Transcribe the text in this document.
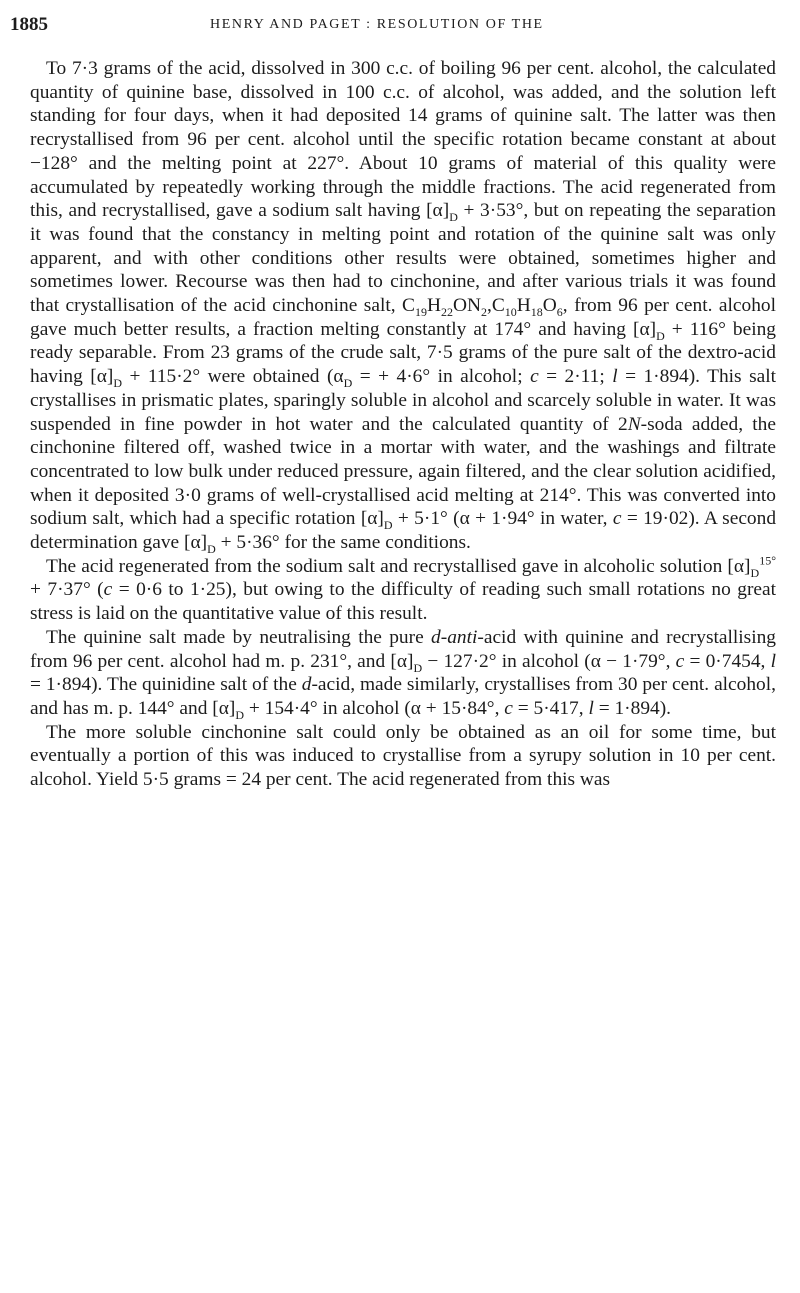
1885	HENRY AND PAGET : RESOLUTION OF THE

To 7·3 grams of the acid, dissolved in 300 c.c. of boiling 96 per cent. alcohol, the calculated quantity of quinine base, dissolved in 100 c.c. of alcohol, was added, and the solution left standing for four days, when it had deposited 14 grams of quinine salt. The latter was then recrystallised from 96 per cent. alcohol until the specific rotation became constant at about −128° and the melting point at 227°. About 10 grams of material of this quality were accumulated by repeatedly working through the middle fractions. The acid regenerated from this, and recrystallised, gave a sodium salt having $[\alpha]_D + 3\cdot 53^\circ$, but on repeating the separation it was found that the constancy in melting point and rotation of the quinine salt was only apparent, and with other conditions other results were obtained, sometimes higher and sometimes lower. Recourse was then had to cinchonine, and after various trials it was found that crystallisation of the acid cinchonine salt, $C_{19}H_{22}ON_2,C_{10}H_{18}O_6$, from 96 per cent. alcohol gave much better results, a fraction melting constantly at 174° and having $[\alpha]_D + 116^\circ$ being ready separable. From 23 grams of the crude salt, 7·5 grams of the pure salt of the dextro-acid having $[\alpha]_D + 115\cdot 2^\circ$ were obtained ($\alpha_D$ = + 4·6° in alcohol; c = 2·11; l = 1·894). This salt crystallises in prismatic plates, sparingly soluble in alcohol and scarcely soluble in water. It was suspended in fine powder in hot water and the calculated quantity of 2N-soda added, the cinchonine filtered off, washed twice in a mortar with water, and the washings and filtrate concentrated to low bulk under reduced pressure, again filtered, and the clear solution acidified, when it deposited 3·0 grams of well-crystallised acid melting at 214°. This was converted into sodium salt, which had a specific rotation $[\alpha]_D + 5\cdot 1^\circ$ (α + 1·94° in water, c = 19·02). A second determination gave $[\alpha]_D + 5\cdot 36^\circ$ for the same conditions.

The acid regenerated from the sodium salt and recrystallised gave in alcoholic solution $[\alpha]_D^{15^\circ} + 7\cdot 37^\circ$ (c = 0·6 to 1·25), but owing to the difficulty of reading such small rotations no great stress is laid on the quantitative value of this result.

The quinine salt made by neutralising the pure d-anti-acid with quinine and recrystallising from 96 per cent. alcohol had m. p. 231°, and $[\alpha]_D - 127\cdot 2^\circ$ in alcohol (α − 1·79°, c = 0·7454, l = 1·894). The quinidine salt of the d-acid, made similarly, crystallises from 30 per cent. alcohol, and has m. p. 144° and $[\alpha]_D + 154\cdot 4^\circ$ in alcohol (α + 15·84°, c = 5·417, l = 1·894).

The more soluble cinchonine salt could only be obtained as an oil for some time, but eventually a portion of this was induced to crystallise from a syrupy solution in 10 per cent. alcohol. Yield 5·5 grams = 24 per cent. The acid regenerated from this was
